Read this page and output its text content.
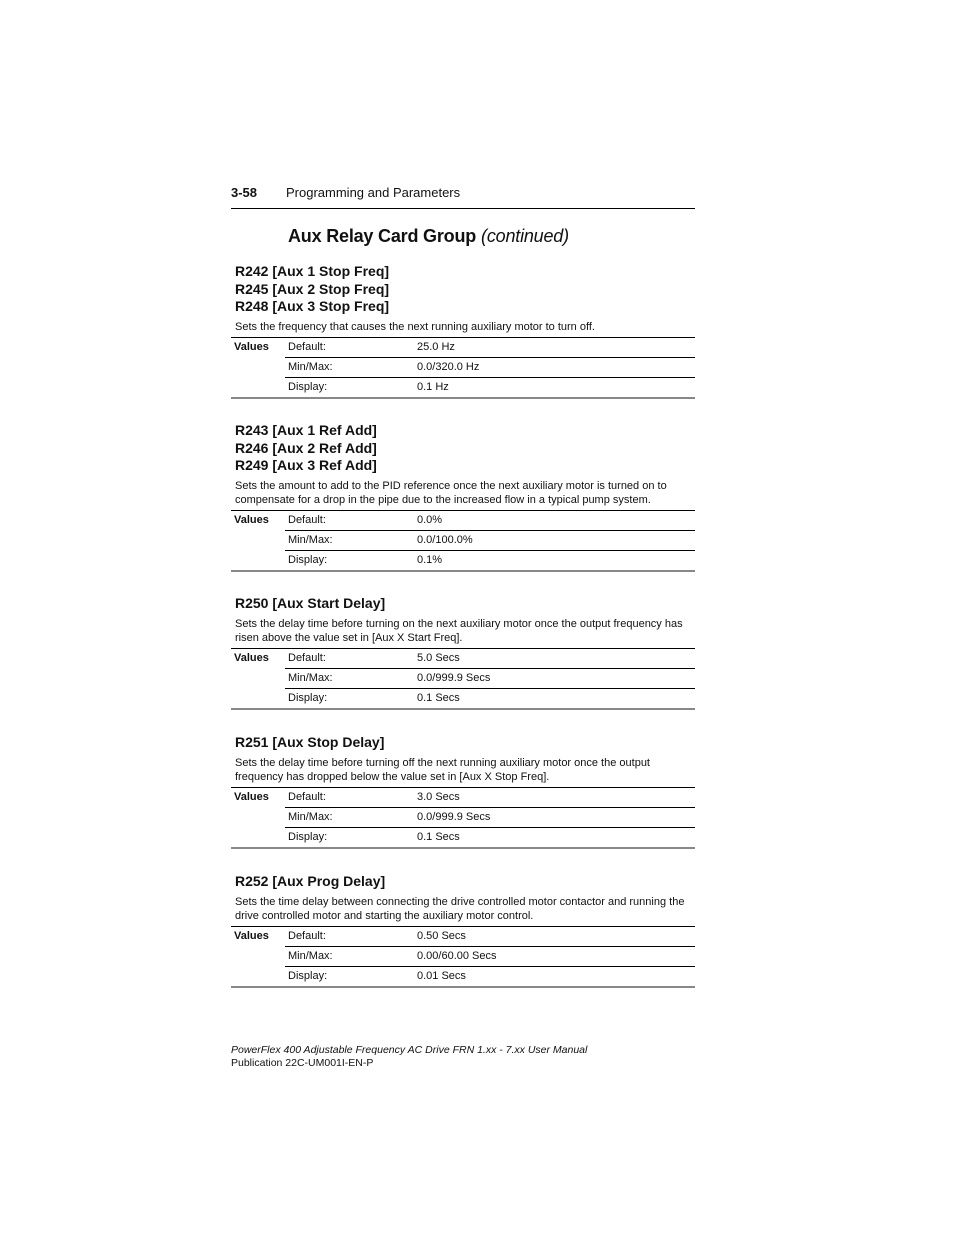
3-58 Programming and Parameters
Aux Relay Card Group (continued)
R242 [Aux 1 Stop Freq]
R245 [Aux 2 Stop Freq]
R248 [Aux 3 Stop Freq]
Sets the frequency that causes the next running auxiliary motor to turn off.
Values	Default:	25.0 Hz
	Min/Max:	0.0/320.0 Hz
	Display:	0.1 Hz
R243 [Aux 1 Ref Add]
R246 [Aux 2 Ref Add]
R249 [Aux 3 Ref Add]
Sets the amount to add to the PID reference once the next auxiliary motor is turned on to compensate for a drop in the pipe due to the increased flow in a typical pump system.
Values	Default:	0.0%
	Min/Max:	0.0/100.0%
	Display:	0.1%
R250 [Aux Start Delay]
Sets the delay time before turning on the next auxiliary motor once the output frequency has risen above the value set in [Aux X Start Freq].
Values	Default:	5.0 Secs
	Min/Max:	0.0/999.9 Secs
	Display:	0.1 Secs
R251 [Aux Stop Delay]
Sets the delay time before turning off the next running auxiliary motor once the output frequency has dropped below the value set in [Aux X Stop Freq].
Values	Default:	3.0 Secs
	Min/Max:	0.0/999.9 Secs
	Display:	0.1 Secs
R252 [Aux Prog Delay]
Sets the time delay between connecting the drive controlled motor contactor and running the drive controlled motor and starting the auxiliary motor control.
Values	Default:	0.50 Secs
	Min/Max:	0.00/60.00 Secs
	Display:	0.01 Secs
PowerFlex 400 Adjustable Frequency AC Drive FRN 1.xx - 7.xx User Manual
Publication 22C-UM001I-EN-P
